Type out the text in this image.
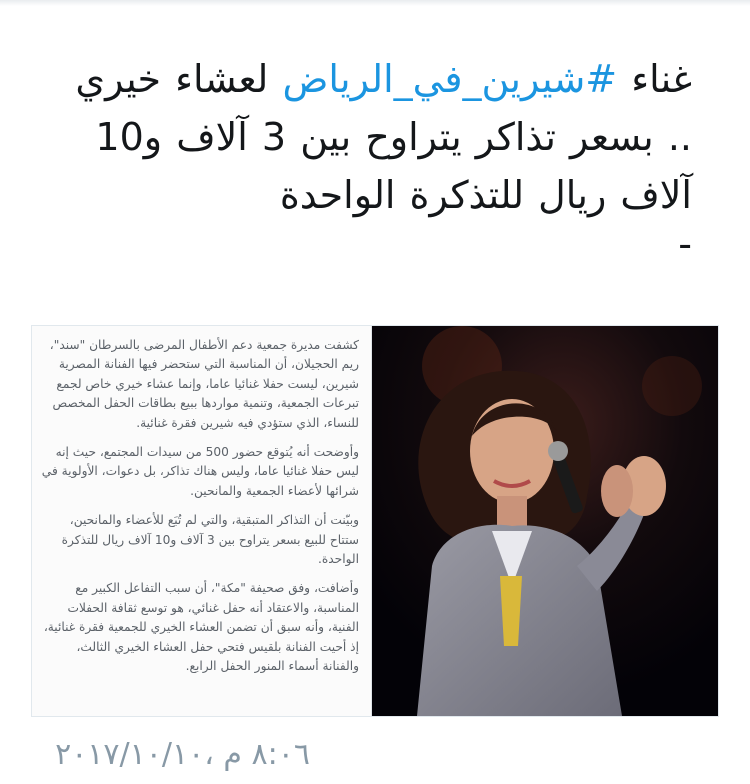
غناء #شيرين_في_الرياض لعشاء خيري .. بسعر تذاكر يتراوح بين 3 آلاف و10 آلاف ريال للتذكرة الواحدة
-

كشفت مديرة جمعية دعم الأطفال المرضى بالسرطان "سند"، ريم الحجيلان، أن المناسبة التي ستحضر فيها الفنانة المصرية شيرين، ليست حفلا غنائيا عاما، وإنما عشاء خيري خاص لجمع تبرعات الجمعية، وتنمية مواردها ببيع بطاقات الحفل المخصص للنساء، الذي ستؤدي فيه شيرين فقرة غنائية.

وأوضحت أنه يُتوقع حضور 500 من سيدات المجتمع، حيث إنه ليس حفلا غنائيا عاما، وليس هناك تذاكر، بل دعوات، الأولوية في شرائها لأعضاء الجمعية والمانحين.

وبيّنت أن التذاكر المتبقية، والتي لم تُبَع للأعضاء والمانحين، ستتاح للبيع بسعر يتراوح بين 3 آلاف و10 آلاف ريال للتذكرة الواحدة.

وأضافت، وفق صحيفة "مكة"، أن سبب التفاعل الكبير مع المناسبة، والاعتقاد أنه حفل غنائي، هو توسع ثقافة الحفلات الفنية، وأنه سبق أن تضمن العشاء الخيري للجمعية فقرة غنائية، إذ أحيت الفنانة بلقيس فتحي حفل العشاء الخيري الثالث، والفنانة أسماء المنور الحفل الرابع.

٨:٠٦ م ،٢٠١٧/١٠/١٠
